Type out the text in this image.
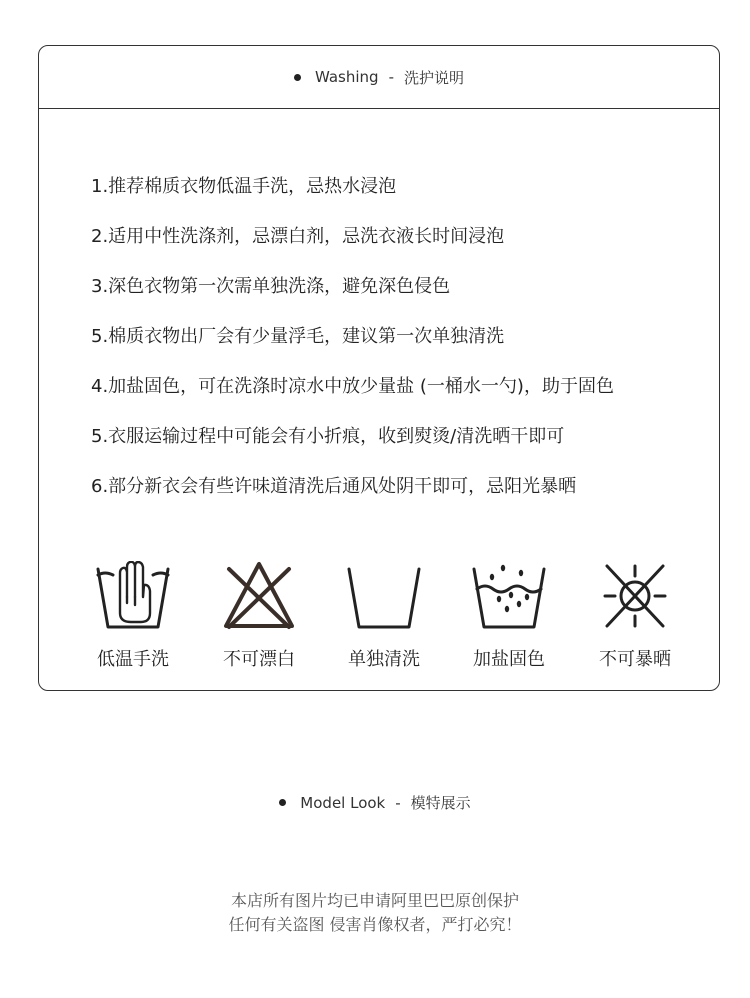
Washing - 洗护说明
1.推荐棉质衣物低温手洗，忌热水浸泡
2.适用中性洗涤剂，忌漂白剂，忌洗衣液长时间浸泡
3.深色衣物第一次需单独洗涤，避免深色侵色
5.棉质衣物出厂会有少量浮毛，建议第一次单独清洗
4.加盐固色，可在洗涤时凉水中放少量盐 (一桶水一勺)，助于固色
5.衣服运输过程中可能会有小折痕，收到熨烫/清洗晒干即可
6.部分新衣会有些许味道清洗后通风处阴干即可，忌阳光暴晒
低温手洗	不可漂白	单独清洗	加盐固色	不可暴晒
Model Look - 模特展示
本店所有图片均已申请阿里巴巴原创保护
任何有关盗图 侵害肖像权者，严打必究！
